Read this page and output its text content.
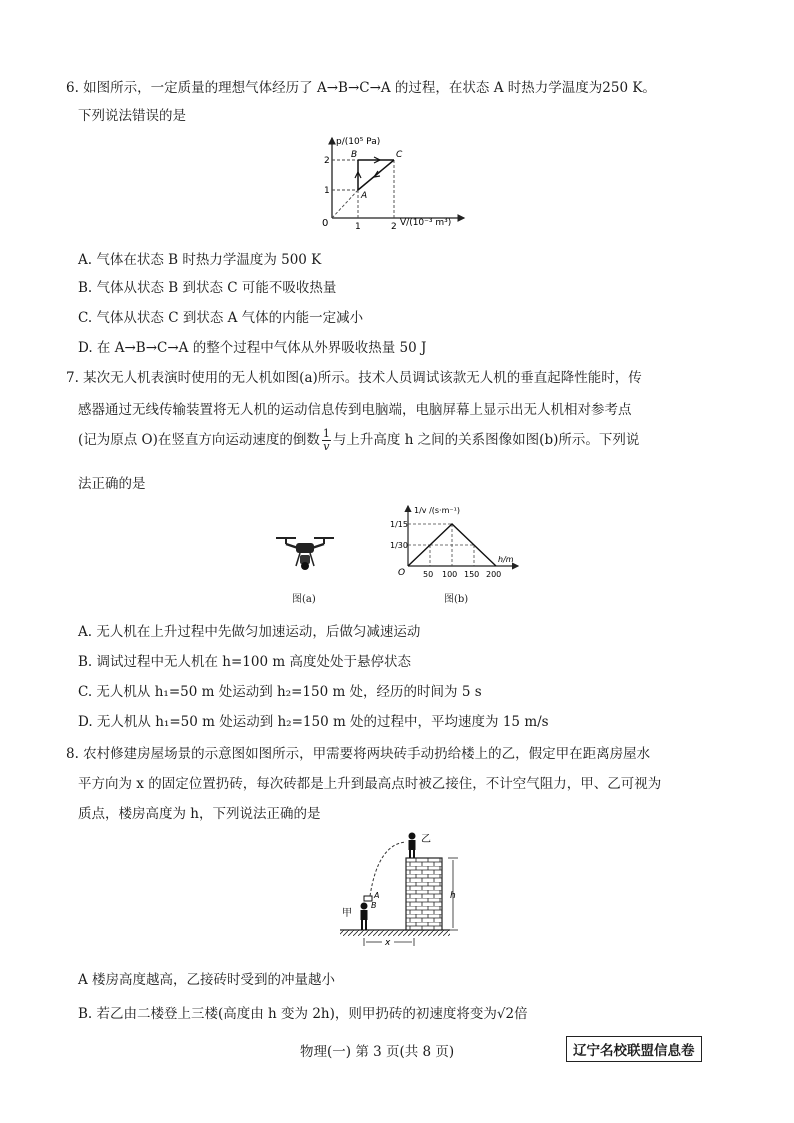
6. 如图所示，一定质量的理想气体经历了 A→B→C→A 的过程，在状态 A 时热力学温度为250 K。
下列说法错误的是
p/(10⁵ Pa)
V/(10⁻³ m³)
0	1	2
1
2
A
B	C
A. 气体在状态 B 时热力学温度为 500 K
B. 气体从状态 B 到状态 C 可能不吸收热量
C. 气体从状态 C 到状态 A 气体的内能一定减小
D. 在 A→B→C→A 的整个过程中气体从外界吸收热量 50 J
7. 某次无人机表演时使用的无人机如图(a)所示。技术人员调试该款无人机的垂直起降性能时，传
感器通过无线传输装置将无人机的运动信息传到电脑端，电脑屏幕上显示出无人机相对参考点
(记为原点 O)在竖直方向运动速度的倒数 $\frac{1}{v}$ 与上升高度 h 之间的关系图像如图(b)所示。下列说
法正确的是
图(a)
1/v /(s·m⁻¹)
h/m
O
1/15
1/30
50 100 150 200
图(b)
A. 无人机在上升过程中先做匀加速运动，后做匀减速运动
B. 调试过程中无人机在 h=100 m 高度处处于悬停状态
C. 无人机从 h₁=50 m 处运动到 h₂=150 m 处，经历的时间为 5 s
D. 无人机从 h₁=50 m 处运动到 h₂=150 m 处的过程中，平均速度为 15 m/s
8. 农村修建房屋场景的示意图如图所示，甲需要将两块砖手动扔给楼上的乙，假定甲在距离房屋水
平方向为 x 的固定位置扔砖，每次砖都是上升到最高点时被乙接住，不计空气阻力，甲、乙可视为
质点，楼房高度为 h，下列说法正确的是
h
乙
甲
A
B
x
A 楼房高度越高，乙接砖时受到的冲量越小
B. 若乙由二楼登上三楼(高度由 h 变为 2h)，则甲扔砖的初速度将变为√2倍
物理(一) 第 3 页(共 8 页)	辽宁名校联盟信息卷
